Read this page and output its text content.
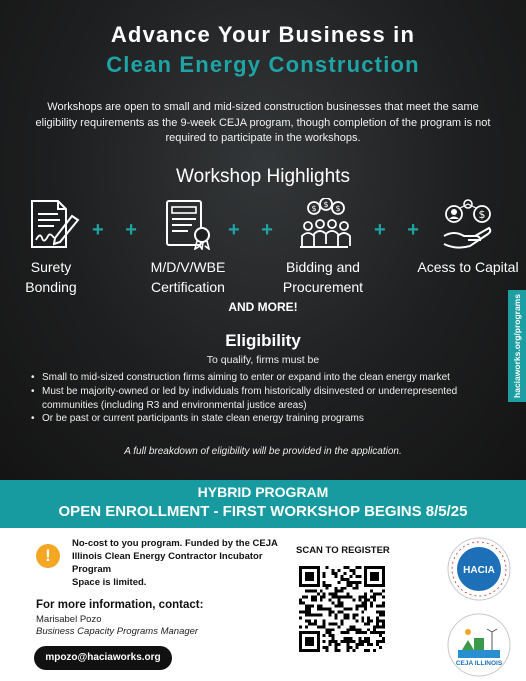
Advance Your Business in
Clean Energy Construction
Workshops are open to small and mid-sized construction businesses that meet the same eligibility requirements as the 9-week CEJA program, though completion of the program is not required to participate in the workshops.
Workshop Highlights
$ $ $	$
+ +	+ +	+ +
Surety
Bonding
M/D/V/WBE
Certification
Bidding and
Procurement
Acess to Capital
AND MORE!
Eligibility
To qualify, firms must be
• Small to mid-sized construction firms aiming to enter or expand into the clean energy market
• Must be majority-owned or led by individuals from historically disinvested or underrepresented communities (including R3 and environmental justice areas)
• Or be past or current participants in state clean energy training programs
A full breakdown of eligibility will be provided in the application.
haciaworks.org/programs
HYBRID PROGRAM
OPEN ENROLLMENT - FIRST WORKSHOP BEGINS 8/5/25
!
No-cost to you program. Funded by the CEJA
Illinois Clean Energy Contractor Incubator
Program
Space is limited.
For more information, contact:
Marisabel Pozo
Business Capacity Programs Manager
mpozo@haciaworks.org
SCAN TO REGISTER
HACIA
CEJA ILLINOIS
